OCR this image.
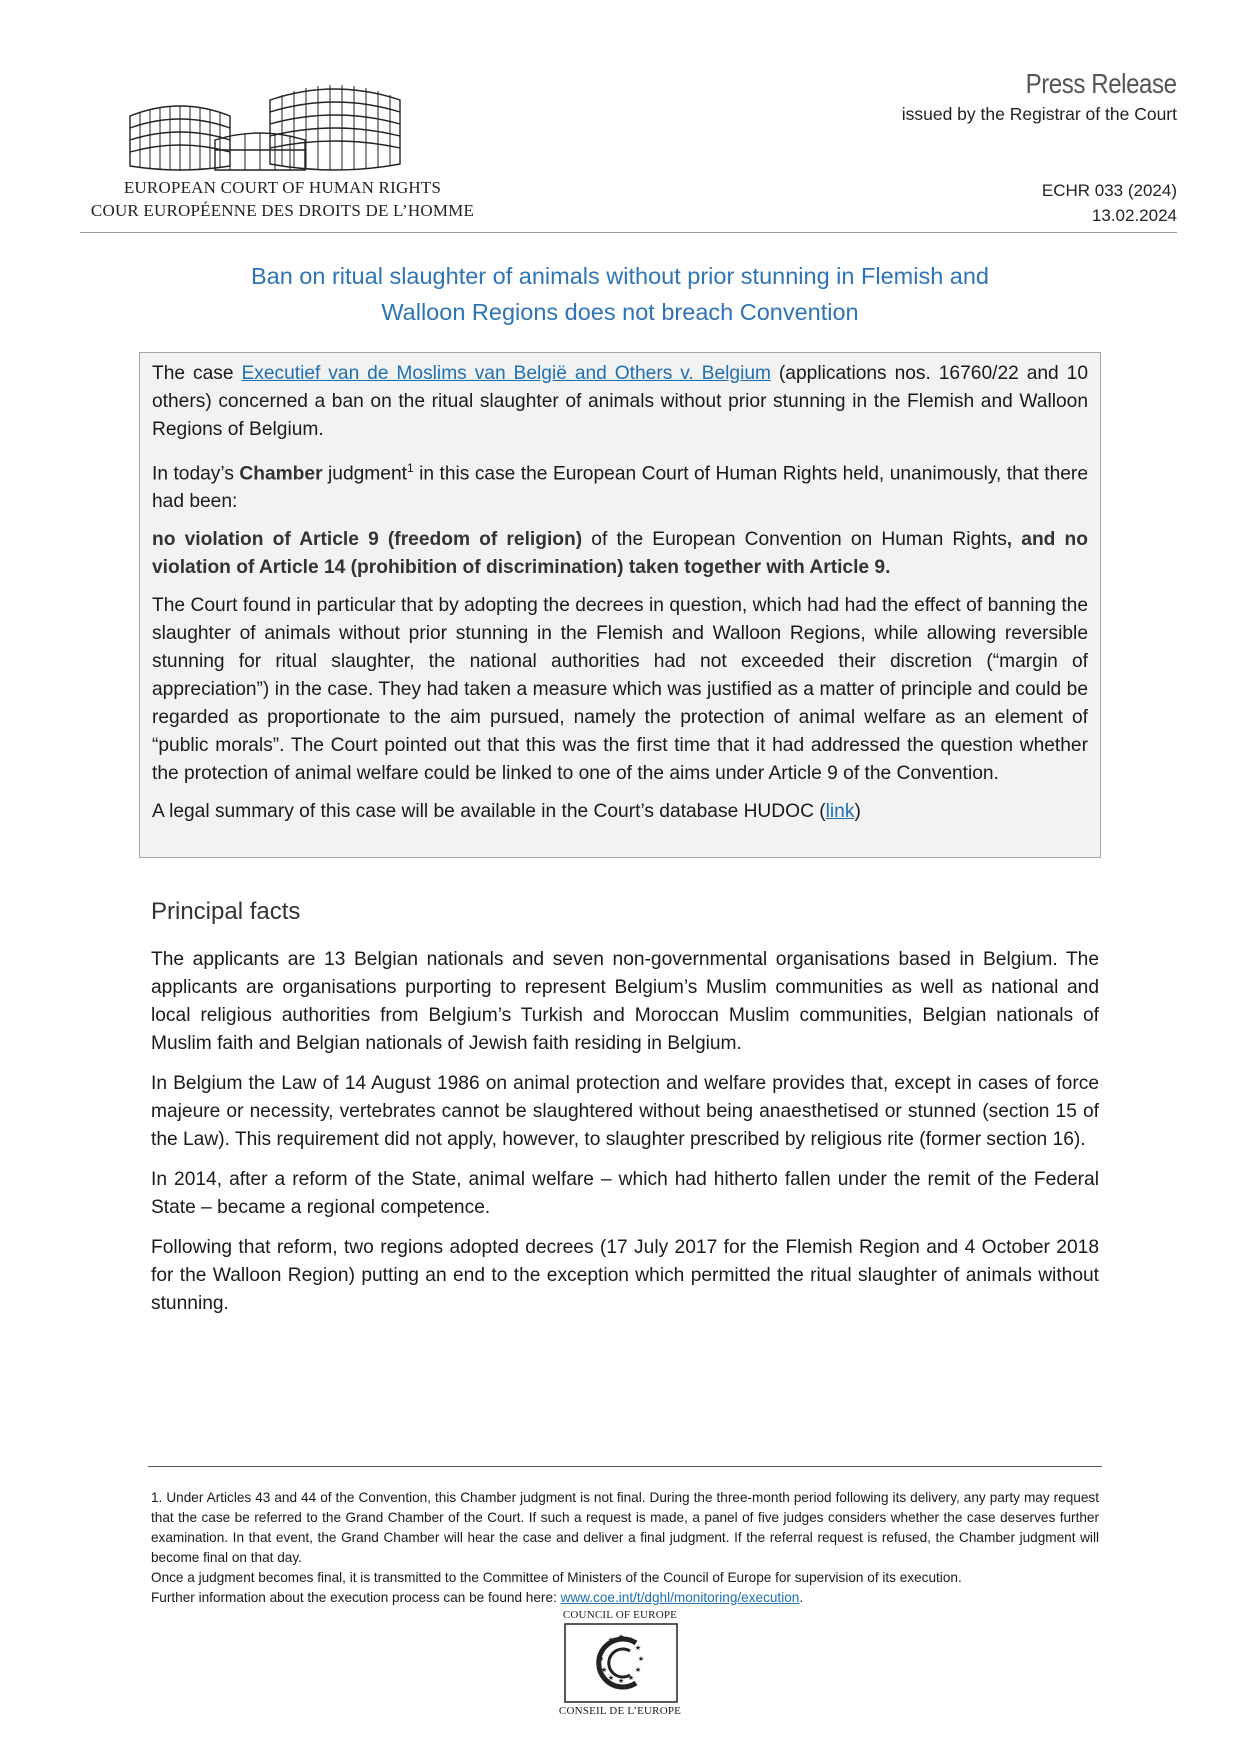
EUROPEAN COURT OF HUMAN RIGHTS
COUR EUROPÉENNE DES DROITS DE L’HOMME
Press Release
issued by the Registrar of the Court
ECHR 033 (2024)
13.02.2024
Ban on ritual slaughter of animals without prior stunning in Flemish and
Walloon Regions does not breach Convention

The case Executief van de Moslims van België and Others v. Belgium (applications nos. 16760/22 and 10 others) concerned a ban on the ritual slaughter of animals without prior stunning in the Flemish and Walloon Regions of Belgium.

In today’s Chamber judgment$^1$ in this case the European Court of Human Rights held, unanimously, that there had been:

no violation of Article 9 (freedom of religion) of the European Convention on Human Rights, and no violation of Article 14 (prohibition of discrimination) taken together with Article 9.

The Court found in particular that by adopting the decrees in question, which had had the effect of banning the slaughter of animals without prior stunning in the Flemish and Walloon Regions, while allowing reversible stunning for ritual slaughter, the national authorities had not exceeded their discretion (“margin of appreciation”) in the case. They had taken a measure which was justified as a matter of principle and could be regarded as proportionate to the aim pursued, namely the protection of animal welfare as an element of “public morals”. The Court pointed out that this was the first time that it had addressed the question whether the protection of animal welfare could be linked to one of the aims under Article 9 of the Convention.

A legal summary of this case will be available in the Court’s database HUDOC (link)

Principal facts

The applicants are 13 Belgian nationals and seven non-governmental organisations based in Belgium. The applicants are organisations purporting to represent Belgium’s Muslim communities as well as national and local religious authorities from Belgium’s Turkish and Moroccan Muslim communities, Belgian nationals of Muslim faith and Belgian nationals of Jewish faith residing in Belgium.

In Belgium the Law of 14 August 1986 on animal protection and welfare provides that, except in cases of force majeure or necessity, vertebrates cannot be slaughtered without being anaesthetised or stunned (section 15 of the Law). This requirement did not apply, however, to slaughter prescribed by religious rite (former section 16).

In 2014, after a reform of the State, animal welfare – which had hitherto fallen under the remit of the Federal State – became a regional competence.

Following that reform, two regions adopted decrees (17 July 2017 for the Flemish Region and 4 October 2018 for the Walloon Region) putting an end to the exception which permitted the ritual slaughter of animals without stunning.

1. Under Articles 43 and 44 of the Convention, this Chamber judgment is not final. During the three-month period following its delivery, any party may request that the case be referred to the Grand Chamber of the Court. If such a request is made, a panel of five judges considers whether the case deserves further examination. In that event, the Grand Chamber will hear the case and deliver a final judgment. If the referral request is refused, the Chamber judgment will become final on that day.

Once a judgment becomes final, it is transmitted to the Committee of Ministers of the Council of Europe for supervision of its execution.

Further information about the execution process can be found here: www.coe.int/t/dghl/monitoring/execution.

COUNCIL OF EUROPE
★ ★
★
★
★
★
★
★
★
★
★
★
CONSEIL DE L’EUROPE
